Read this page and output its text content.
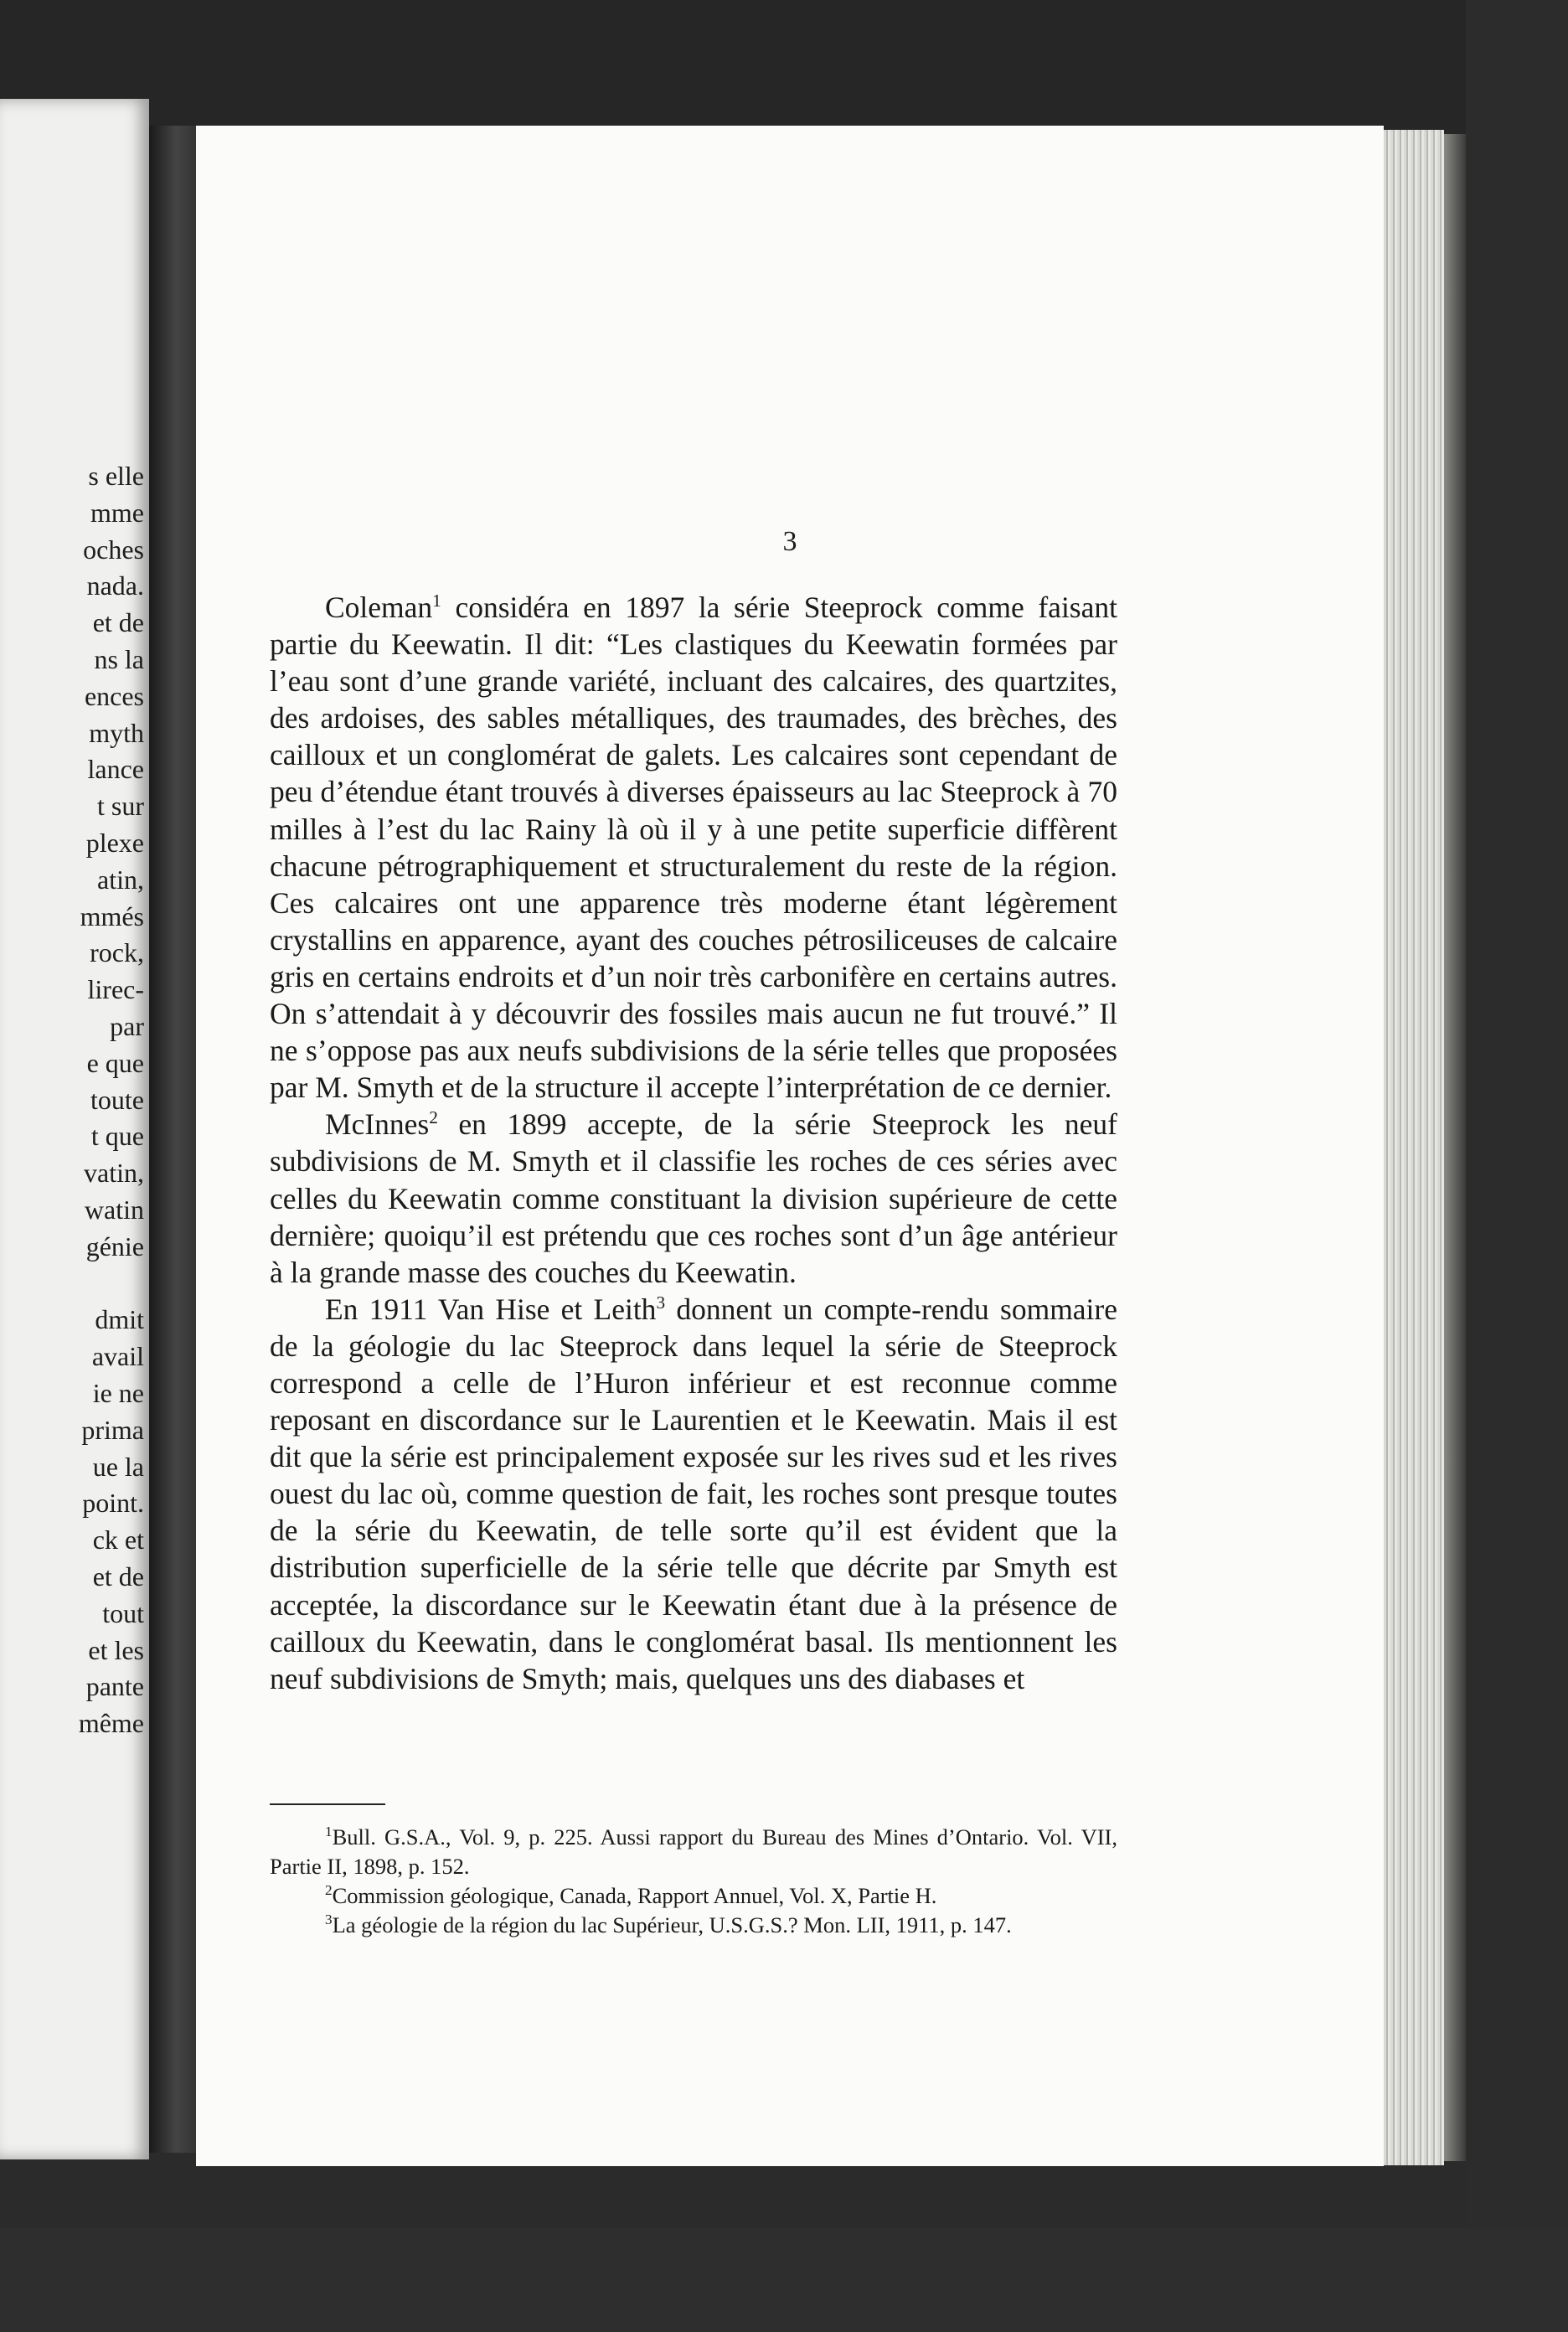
s elle
mme
oches
nada.
et de
ns la
ences
myth
lance
t sur
plexe
atin,
mmés
rock,
lirec-
par
e que
toute
t que
vatin,
watin
génie
dmit
avail
ie ne
prima
ue la
point.
ck et
et de
tout
et les
pante
même
3

Coleman$^1$ considéra en 1897 la série Steeprock comme faisant partie du Keewatin. Il dit: “Les clastiques du Keewatin formées par l’eau sont d’une grande variété, incluant des calcaires, des quartzites, des ardoises, des sables métalliques, des traumades, des brèches, des cailloux et un conglomérat de galets. Les calcaires sont cependant de peu d’étendue étant trouvés à diverses épaisseurs au lac Steeprock à 70 milles à l’est du lac Rainy là où il y à une petite superficie diffèrent chacune pétrographiquement et structuralement du reste de la région. Ces calcaires ont une apparence très moderne étant légèrement crystallins en apparence, ayant des couches pétrosiliceuses de calcaire gris en certains endroits et d’un noir très carbonifère en certains autres. On s’attendait à y découvrir des fossiles mais aucun ne fut trouvé.” Il ne s’oppose pas aux neufs subdivisions de la série telles que proposées par M. Smyth et de la structure il accepte l’interprétation de ce dernier.

McInnes$^2$ en 1899 accepte, de la série Steeprock les neuf subdivisions de M. Smyth et il classifie les roches de ces séries avec celles du Keewatin comme constituant la division supérieure de cette dernière; quoiqu’il est prétendu que ces roches sont d’un âge antérieur à la grande masse des couches du Keewatin.

En 1911 Van Hise et Leith$^3$ donnent un compte-rendu sommaire de la géologie du lac Steeprock dans lequel la série de Steeprock correspond a celle de l’Huron inférieur et est reconnue comme reposant en discordance sur le Laurentien et le Keewatin. Mais il est dit que la série est principalement exposée sur les rives sud et les rives ouest du lac où, comme question de fait, les roches sont presque toutes de la série du Keewatin, de telle sorte qu’il est évident que la distribution superficielle de la série telle que décrite par Smyth est acceptée, la discordance sur le Keewatin étant due à la présence de cailloux du Keewatin, dans le conglomérat basal. Ils mentionnent les neuf subdivisions de Smyth; mais, quelques uns des diabases et

$^1$Bull. G.S.A., Vol. 9, p. 225. Aussi rapport du Bureau des Mines d’Ontario. Vol. VII, Partie II, 1898, p. 152.

$^2$Commission géologique, Canada, Rapport Annuel, Vol. X, Partie H.

$^3$La géologie de la région du lac Supérieur, U.S.G.S.? Mon. LII, 1911, p. 147.
